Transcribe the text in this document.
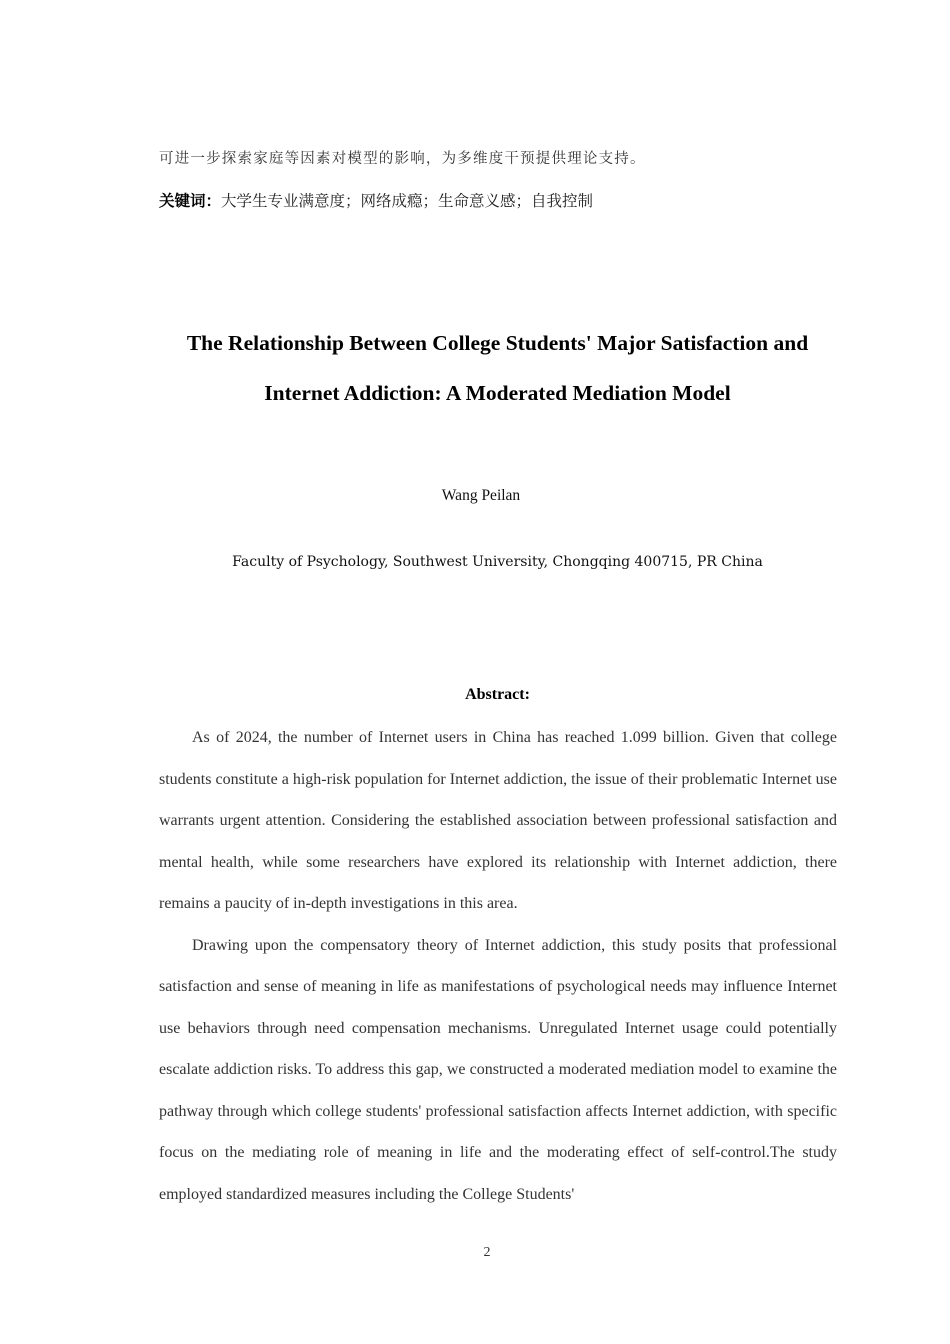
可进一步探索家庭等因素对模型的影响，为多维度干预提供理论支持。
关键词：大学生专业满意度；网络成瘾；生命意义感；自我控制
The Relationship Between College Students' Major Satisfaction and
Internet Addiction: A Moderated Mediation Model
Wang Peilan
Faculty of Psychology, Southwest University, Chongqing 400715, PR China
Abstract:

As of 2024, the number of Internet users in China has reached 1.099 billion. Given that college students constitute a high-risk population for Internet addiction, the issue of their problematic Internet use warrants urgent attention. Considering the established association between professional satisfaction and mental health, while some researchers have explored its relationship with Internet addiction, there remains a paucity of in-depth investigations in this area.

Drawing upon the compensatory theory of Internet addiction, this study posits that professional satisfaction and sense of meaning in life as manifestations of psychological needs may influence Internet use behaviors through need compensation mechanisms. Unregulated Internet usage could potentially escalate addiction risks. To address this gap, we constructed a moderated mediation model to examine the pathway through which college students' professional satisfaction affects Internet addiction, with specific focus on the mediating role of meaning in life and the moderating effect of self-control.The study employed standardized measures including the College Students'

2
